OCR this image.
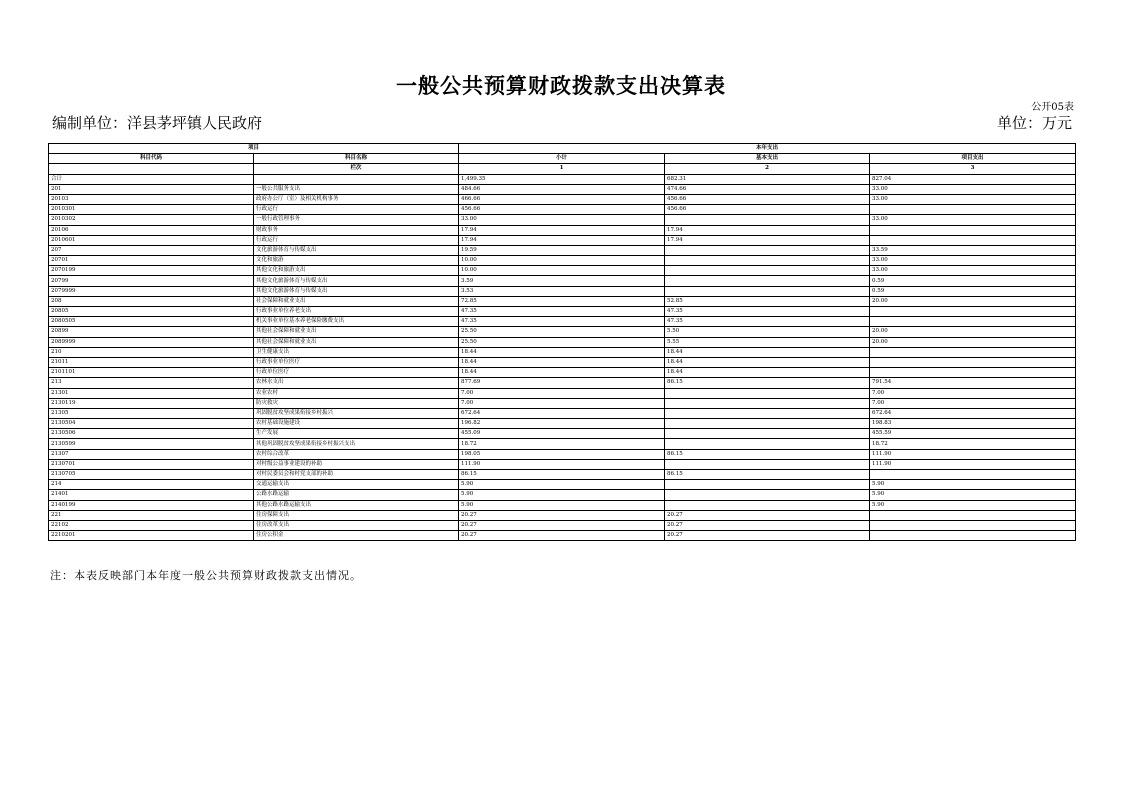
一般公共预算财政拨款支出决算表
公开05表
编制单位：洋县茅坪镇人民政府	单位：万元
项目		本年支出		
科目代码	科目名称	小计	基本支出	项目支出
	栏次	1	2	3
合计		1,499.35	682.31	827.04
201	一般公共服务支出	484.66	474.66	33.00
20103	政府办公厅（室）及相关机构事务	466.66	456.66	33.00
2010301	行政运行	456.66	456.66	
2010302	一般行政管理事务	33.00		33.00
20106	财政事务	17.94	17.94	
2010601	行政运行	17.94	17.94	
207	文化旅游体育与传媒支出	19.59		33.59
20701	文化和旅游	10.00		33.00
2070199	其他文化和旅游支出	10.00		33.00
20799	其他文化旅游体育与传媒支出	3.59		0.59
2079999	其他文化旅游体育与传媒支出	3.53		0.59
208	社会保障和就业支出	72.85	52.85	20.00
20805	行政事业单位养老支出	47.35	47.35	
2080505	机关事业单位基本养老保险缴费支出	47.35	47.35	
20899	其他社会保障和就业支出	25.50	5.50	20.00
2089999	其他社会保障和就业支出	25.50	5.55	20.00
210	卫生健康支出	18.44	18.44	
21011	行政事业单位医疗	18.44	18.44	
2101101	行政单位医疗	18.44	18.44	
213	农林水支出	877.69	86.15	791.54
21301	农业农村	7.00		7.00
2130119	防灾救灾	7.00		7.00
21305	巩固脱贫攻坚成果衔接乡村振兴	672.64		672.64
2130504	农村基础设施建设	196.82		198.83
2130506	生产发展	455.09		455.59
2130599	其他巩固脱贫攻坚成果衔接乡村振兴支出	18.72		18.72
21307	农村综合改革	198.05	86.15	111.90
2130701	对村级公益事业建设的补助	111.90		111.90
2130705	对村民委员会和村党支部的补助	86.15	86.15	
214	交通运输支出	5.90		5.90
21401	公路水路运输	5.90		5.90
2140199	其他公路水路运输支出	5.90		5.90
221	住房保障支出	20.27	20.27	
22102	住房改革支出	20.27	20.27	
2210201	住房公积金	20.27	20.27	
注：本表反映部门本年度一般公共预算财政拨款支出情况。
